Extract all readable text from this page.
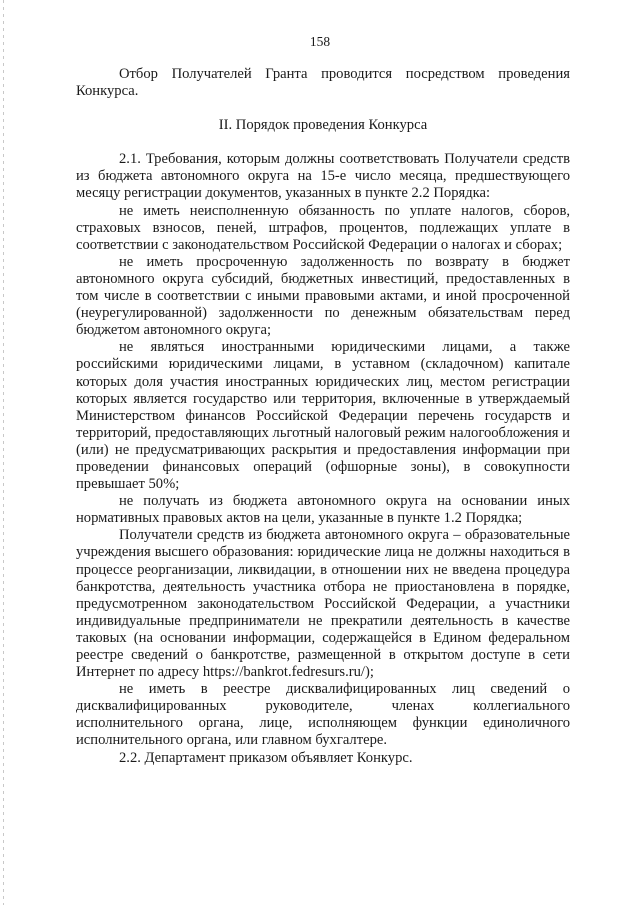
158

Отбор Получателей Гранта проводится посредством проведения Конкурса.

II. Порядок проведения Конкурса

2.1. Требования, которым должны соответствовать Получатели средств из бюджета автономного округа на 15-е число месяца, предшествующего месяцу регистрации документов, указанных в пункте 2.2 Порядка:

не иметь неисполненную обязанность по уплате налогов, сборов, страховых взносов, пеней, штрафов, процентов, подлежащих уплате в соответствии с законодательством Российской Федерации о налогах и сборах;

не иметь просроченную задолженность по возврату в бюджет автономного округа субсидий, бюджетных инвестиций, предоставленных в том числе в соответствии с иными правовыми актами, и иной просроченной (неурегулированной) задолженности по денежным обязательствам перед бюджетом автономного округа;

не являться иностранными юридическими лицами, а также российскими юридическими лицами, в уставном (складочном) капитале которых доля участия иностранных юридических лиц, местом регистрации которых является государство или территория, включенные в утверждаемый Министерством финансов Российской Федерации перечень государств и территорий, предоставляющих льготный налоговый режим налогообложения и (или) не предусматривающих раскрытия и предоставления информации при проведении финансовых операций (офшорные зоны), в совокупности превышает 50%;

не получать из бюджета автономного округа на основании иных нормативных правовых актов на цели, указанные в пункте 1.2 Порядка;

Получатели средств из бюджета автономного округа – образовательные учреждения высшего образования: юридические лица не должны находиться в процессе реорганизации, ликвидации, в отношении них не введена процедура банкротства, деятельность участника отбора не приостановлена в порядке, предусмотренном законодательством Российской Федерации, а участники индивидуальные предприниматели не прекратили деятельность в качестве таковых (на основании информации, содержащейся в Едином федеральном реестре сведений о банкротстве, размещенной в открытом доступе в сети Интернет по адресу https://bankrot.fedresurs.ru/);

не иметь в реестре дисквалифицированных лиц сведений о дисквалифицированных руководителе, членах коллегиального исполнительного органа, лице, исполняющем функции единоличного исполнительного органа, или главном бухгалтере.

2.2. Департамент приказом объявляет Конкурс.
